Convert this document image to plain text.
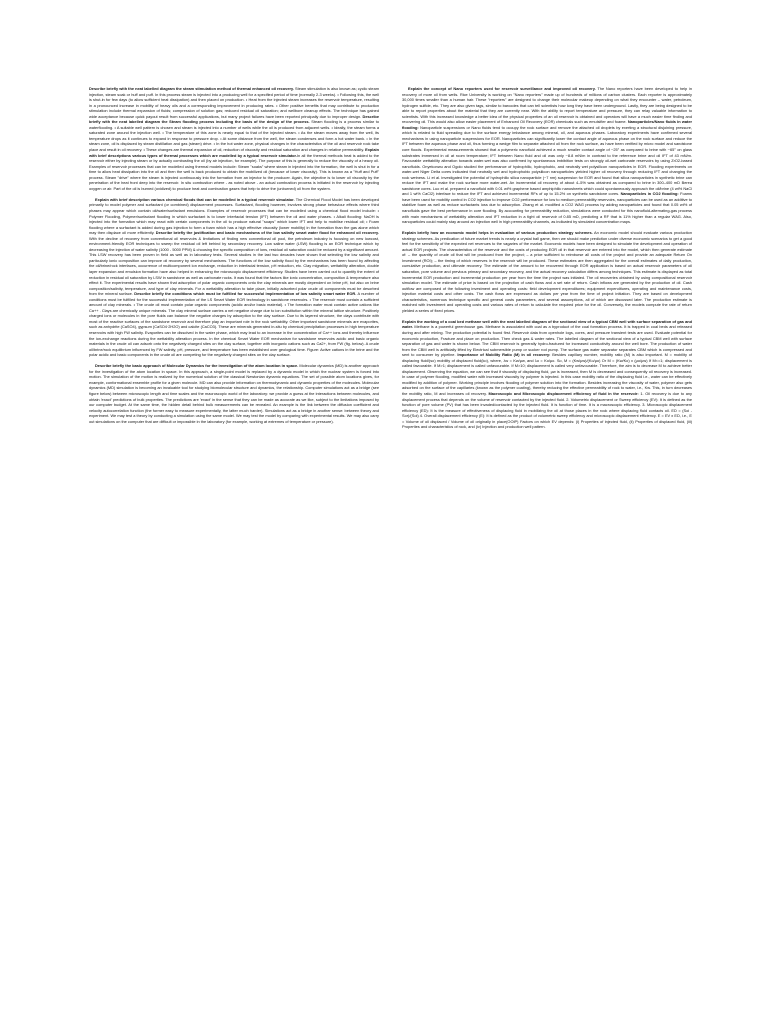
Describe briefly with the neat labelled diagram the steam stimulation method of thermal enhanced oil recovery. Steam stimulation is also known as; cyclic steam injection, steam soak or huff and puff. In this process steam is injected into a producing well for a specified period of time (normally 2-3 weeks). • Following this, the well is shut-in for few days (to allow sufficient heat dissipation) and then placed on production. • Heat from the injected steam increases the reservoir temperature, resulting in a pronounced increase in mobility of heavy oils and a corresponding improvement in producing rates. • Other positive benefits that may contribute to production stimulation include thermal expansion of fluids; compression of solution gas; reduced residual oil saturation; and wellbore cleanup effects. The technique has gained wide acceptance because quick payout result from successful applications, but many project failures have been reported principally due to improper design. Describe briefly with the neat labelled diagram the Steam flooding process including the basis of the design of the process. Steam flooding is a process similar to waterflooding. • A suitable well pattern is chosen and steam is injected into a number of wells while the oil is produced from adjacent wells. • Ideally, the steam forms a saturated zone around the injection well. • The temperature of this zone is nearly equal to that of the injected steam. • As the steam moves away from the well, its temperature drops as it continues to expand in response to pressure drop. • At some distance from the well, the steam condenses and form a hot water bank. • In the steam zone, oil is displaced by steam distillation and gas (steam) drive. • In the hot water zone, physical changes in the characteristics of the oil and reservoir rock take place and result in oil recovery. • These changes are thermal expansion of oil, reduction of viscosity and residual saturation and changes in relative permeability. Explain with brief descriptions various types of thermal processes which are modelled by a typical reservoir simulator.In all the thermal methods heat is added to the reservoir either by injecting steam or by actually combusting the oil (by air injection, for example). The purpose of this is generally to reduce the viscosity of a heavy oil. Examples of reservoir processes that can be modelled using thermal models include: Steam "soaks" where steam in injected into the formation, the well is shut in for a time to allow heat dissipation into the oil and then the well is back produced to obtain the mobilized oil (because of lower viscosity). This is known as a "Huff and Puff" process. Steam "drive" where the steam is injected continuously into the formation from an injector to the producer. Again, the objective is to lower oil viscosity by the penetration of the heat front deep into the reservoir. In situ combustion where - as noted above - an actual combustion process is initiated in the reservoir by injecting oxygen or air. Part of the oil is burned (oxidized) to produce heat and combustion gases that help to drive the (unburned) oil from the system.

Explain with brief description various chemical floods that can be modelled in a typical reservoir simulator. The Chemical Flood Model has been developed primarily to model polymer and surfactant (or combined) displacement processes. Surfactant, flooding however, involves strong phase behaviour effects where third phases may appear which contain oil/water/surfactant emulsions. Examples of reservoir processes that can be modelled using a chemical flood model include: • Polymer Flooding, Polymer/surfactant flooding in which surfactant is to lower interfacial tension (IFT) between the oil and water phases. • Alkali flooding: NaOH is injected into the formation which may react with certain components in the oil to produce natural "soaps" which lower IFT and help to mobilise residual oil; • Foam flooding where a surfactant is added during gas injection to form a foam which has a high effective viscosity (lower mobility) in the formation than the gas alone which may then displace oil more efficiently. Describe briefly the justification and basic mechanisms of the low salinity smart water flood for enhanced oil recovery. With the decline of recovery from conventional oil reservoirs & limitations of finding new conventional oil pool, the petroleum industry is focusing on new lowcost, environment-friendly EOR techniques to sweep the residual oil left behind by secondary recovery. Low saline water (LSW) flooding is an EOR technique which by decreasing the injection of water salinity (1000 - 5000 PPM) & choosing the specific composition of ions, residual oil saturation could be reduced by a significant amount. This LSW recovery has been proven in field as well as in laboratory tests. Several studies in the last two decades have shown that selecting the low salinity and particularly ionic composition can improve oil recovery by several mechanisms. The functions of the low salinity flood by the mechanisms has been found by affecting the oil/brine/rock interfaces, occurrence of multicomponent ion exchange, reduction in interfacial tension, pH reduction, etc. Clay migration, wettability alteration, double layer expansion and emulsion formation have also helped in enhancing the microscopic displacement efficiency. Studies have been carried out to quantify the extent of reduction in residual oil saturation by LSW in sandstone as well as carbonate rocks. It was found that the factors like ionic concentration, composition & temperature also effect it. The experimental results have shown that adsorption of polar organic components onto the clay minerals are mostly dependent on brine pH, but also on brine composition/salinity, temperature, and type of clay minerals. For a wettability alteration to take place, initially adsorbed polar crude oil components must be desorbed from the mineral surface. Describe briefly the conditions which must be fulfilled for successful implementation of low salinity smart water EOR. A number of conditions must be fulfilled for the successful implementation of the LS Smart Water EOR technology in sandstone reservoirs. • The reservoir must contain a sufficient amount of clay minerals. • The crude oil must contain polar organic components (acidic and/or basic material). • The formation water must contain active cations like Ca++ . Clays are chemically unique minerals. The clay mineral surface carries a net negative charge due to ion substitution within the mineral lattice structure. Positively charged ions or molecules in the pore fluids can balance the negative charges by adsorption to the clay surface. Due to its layered structure, the clays contribute with most of the reactive surfaces of the sandstone reservoir and therefore play an important role in the rock wettability. Other important sandstone minerals are evaporites, such as anhydrite (CaSO4), gypsum (CaSO4·2H2O) and calcite (CaCO3). These are minerals generated in-situ by chemical precipitation processes in high temperature reservoirs with high FW salinity. Evaporites can be dissolved in the water phase, which may lead to an increase in the concentration of Ca++ ions and thereby influence the ion-exchange reactions during the wettability alteration process. In the chemical Smart Water EOR mechanism for sandstone reservoirs acidic and basic organic materials in the crude oil can adsorb onto the negatively charged sites on the clay surface, together with inorganic cations such as Ca2+, from FW (fig. below). A crude oil/brine/rock equilibrium influenced by FW salinity, pH, pressure, and temperature has been established over geological time. Figure: Active cations in the brine and the polar acidic and basic components in the crude oil are competing for the negatively charged sites on the clay surface.

Describe briefly the basic approach of Molecular Dynamics for the investigation of the atom location in space. Molecular dynamics (MD) is another approach for the investigation of the atom location in space. In this approach, a single-point model is replaced by a dynamic model in which the nuclear system is forced into motion. The simulation of the motion is realized by the numerical solution of the classical Newtonian dynamic equations. The set of possible atom locations gives, for example, conformational ensemble profile for a given molecule. MD can also provide information on thermodynamic and dynamic properties of the molecules. Molecular dynamics (MD) simulation is becoming an invaluable tool for studying biomolecular structure and dynamics, the relationship. Computer simulations act as a bridge (see figure below) between microscopic length and time scales and the macroscopic world of the laboratory: we provide a guess at the interactions between molecules, and obtain 'exact' predictions of bulk properties. The predictions are 'exact' in the sense that they can be made as accurate as we like, subject to the limitations imposed by our computer budget. At the same time, the hidden detail behind bulk measurements can be revealed. An example is the link between the diffusion coefficient and velocity autocorrelation function (the former easy to measure experimentally, the latter much harder). Simulations act as a bridge in another sense: between theory and experiment. We may test a theory by conducting a simulation using the same model. We may test the model by comparing with experimental results. We may also carry out simulations on the computer that are difficult or impossible in the laboratory (for example, working at extremes of temperature or pressure).

Explain the concept of Nano reporters used for reservoir surveillance and improved oil recovery. The Nano reporters have been developed to help in recovery of more oil from wells. Rice University is working on "Nano reporters" made up of hundreds of millions of carbon clusters. Each reporter is approximately 30,000 times smaller than a human hair. These "reporters" are designed to change their molecular makeup depending on what they encounter – water, petroleum, hydrogen sulfide, etc. They are also given tags, similar to barcodes that can tell scientists how long they have been underground. Lastly, they are being designed to be able to report properties about the material that they are currently near. With the ability to report temperature and pressure, they can relay valuable information to scientists. With this increased knowledge a better idea of the physical properties of an oil reservoir is obtained and operators will have a much easier time finding and recovering oil. This would also allow easier placement of Enhanced Oil Recovery (EOR) chemicals such as emulsifier and foame. Nanoparticles/Nano fluids in water flooding: Nanoparticle suspensions or Nano fluids tend to occupy the rock surface and remove the attached oil droplets by exerting a structural disjoining pressure, which is related to fluid spreading due to the surface energy imbalance among mineral, oil, and aqueous phases. Laboratory experiments have confirmed several mechanisms in using nanoparticle suspensions for EOR. Nanoparticles can significantly lower the contact angle of aqueous phase on the rock surface and reduce the IFT between the aqueous phase and oil, thus forming a wedge film to separate attached oil from the rock surface, as have been verified by micro model and sandstone core floods. Experimental measurements showed that a polymeric nanofluid achieved a much smaller contact angle of ~25° as compared to brine with ~65° on glass substrates immersed in oil at room temperature; IFT between Nano fluid and oil was only ~8.8 mN/m in contrast to the reference brine and oil IFT of 43 mN/m. Favourable wettability alteration towards water-wet was also confirmed by spontaneous imbibition tests on strongly oil-wet carbonate reservoirs by using ZrO2-based nanofluids. Onyekonwu and Ogolo studied the performance of hydrophilic, hydrophobic, and neutrally wet polysilicon nanoparticles in EOR. Flooding experiments on water-wet Niger Delta cores indicated that neutrally wet and hydrophobic polysilicon nanoparticles yielded higher oil recovery through reducing IFT and changing the rock wetness. Li et al. investigated the potential of hydrophilic silica nanoparticle (~7 nm) suspension for EOR and found that silica nanoparticles in synthetic brine can reduce the IFT and make the rock surface more water-wet. An incremental oil recovery of about 4–5% was obtained as compared to brine in 300–400 mD Berea sandstone cores. Luo et al. prepared a nanofluid with 0.01 wt% graphene based amphiphilic nanosheets which could spontaneously approach the oil/brine (4 wt% NaCl and 1 wt% CaCl2) interface to reduce the IFT and achieved incremental RFs of up to 15.2% on synthetic sandstone cores. Nanoparticles in CO2 flooding: Foams have been used for mobility control in CO2 injection to improve CO2 performance for low to medium permeability reservoirs, nanoparticles can be used as an additive to stabilize foam as well as reduce surfactants loss due to adsorption. Zhang et al. modified a CO2 WAG process by adding nanoparticles and found that 0.05 wt% of nanofluids gave the best performance in core flooding. By accounting for permeability reduction, simulations were conducted for this nanofluid-alternating-gas process with main mechanisms of wettability alteration and IFT reduction in a tight oil reservoir of 0.85 mD, predicting a RF that is 11% higher than a regular WAG. Also, nanoparticles could mainly stay around an injection well in high permeability channels, as indicated by simulated concentration maps.

Explain briefly how an economic model helps in evaluation of various production strategy schemes. An economic model should evaluate various production strategy schemes. As predication of future market trends is nearly a crystal ball game, then we should make prediction under diverse economic scenarios to get a good feel for the sensitivity of the expected net revenues to the vagaries of the market. Economic models have been designed to simulate the development and operation of actual EOR projects. The characteristics of the reservoir and the costs of producing EOR oil in that reservoir are entered into the model, which then generate estimate of: – the quantity of crude oil that will be produced from the project; – a price sufficient to reimburse all costs of the project and provide an adequate Return On Investment (ROI); – the timing of which reserves in the reservoir will be produced. These estimates are then aggregated for the overall estimates of daily production, cumulative production, and ultimate recovery. The estimate of the amount to be recovered through EOR application is based on actual reservoir parameters of oil saturation, pore volume and previous primary and secondary recovery, and the actual recovery calculation differs among techniques. This estimate is displayed as total incremental EOR production and incremental production per year from the time the project was initiated. The oil recoveries obtained by using compositional reservoir simulation model. The estimate of price is based on the projection of cash flows and a set rate of return. Cash inflows are generated by the production of oil. Cash outflow are composed of the following investment and operating costs: field development expenditures; equipment expenditures, operating and maintenance costs, injection material costs and other costs. The cash flows are expressed as dollars per year from the time of project initiation. They are based on development characteristics, numerous technique specific and general costs parameters, and several assumptions, all of which are discussed later. The production estimate is matched with investment and operating costs and various rates of return to calculate the required price for the oil. Conversely, the models compute the rate of return yielded a series of fixed prices.

Explain the working of a coal bed methane well with the neat labelled diagram of the sectional view of a typical CBM well with surface separation of gas and water. Methane is a powerful greenhouse gas. Methane is associated with coal as a byproduct of the coal formation process. It is trapped in coal beds and released during and after mining. The production potential is found first. Reservoir data from openhole logs, cores, and pressure transient tests are used. Evaluate potential for economic production, Fracture and place on production. Then check gas & water rates. The labelled diagram of the sectional view of a typical CBM well with surface separation of gas and water is shown below. The CBM reservoir is generally hydro-fractured for increased conductivity around the well bore. The production of water from the CBM well is artificially lifted by Electrical submersible pump or sucker rod pump. The surface gas water separator separates CBM which is compressed and sent to consumer by pipeline. Importance of Mobility Ratio (M) in oil recovery: Besides capillary number, mobility ratio (M) is also important. M = mobility of displacing fluid/(so) mobility of displaced fluid(ko), where, λw = Kw/μw, and λo = Ko/μo. So, M = (Kw/μw)/(Ko/μo) Or M = (Kw/Ko) x (μo/μw) If M<=1; displacement is called favourable. If M>1; displacement is called unfavourable. If M>10; displacement is called very unfavourable. Therefore, the aim is to decrease M to achieve better displacement. Observing the equation, we can see that if viscosity of displacing fluid, μw is increased, then M is decreased and consequently oil recovery is increased. In case of polymer flooding, modified water with increased viscosity by polymer is injected. In this case mobility ratio of the displacing fluid i.e., water can be effectively modified by addition of polymer. Working principle involves flooding of polymer solution into the formation. Besides increasing the viscosity of water, polymer also gets adsorbed on the surface of the capillaries (known as the polymer coating), thereby reducing the effective permeability of rock to water, i.e., Kw. This, in turn decreases the mobility ratio, M and increases oil recovery. Macroscopic and Microscopic displacement efficiency of fluid in the reservoir: 1. Oil recovery is due to any displacement process that depends on the volume of reservoir contacted by the injected fluid. 2. Volumetric displacement or Sweep efficiency (EV): It is defined as the function of pore volume (PV) that has been invaded/contacted by the injected fluid. It is function of time. It is a macroscopic efficiency. 3. Microscopic displacement efficiency (ED): It is the measure of effectiveness of displacing fluid in mobilizing the oil at those places in the rock where displacing fluid contacts oil. ED = (Soi - Sor)/(Soi) 4. Overall displacement efficiency (E): It is defined as the product of volumetric sweep efficiency and microscopic displacement efficiency. E = EV x ED, i.e., E = Volume of oil displaced / Volume of oil originally in place(OOIP) Factors on which EV depends: (i) Properties of injected fluid, (ii) Properties of displaced fluid, (iii) Properties and characteristics of rock, and (iv) Injection and production well pattern.
